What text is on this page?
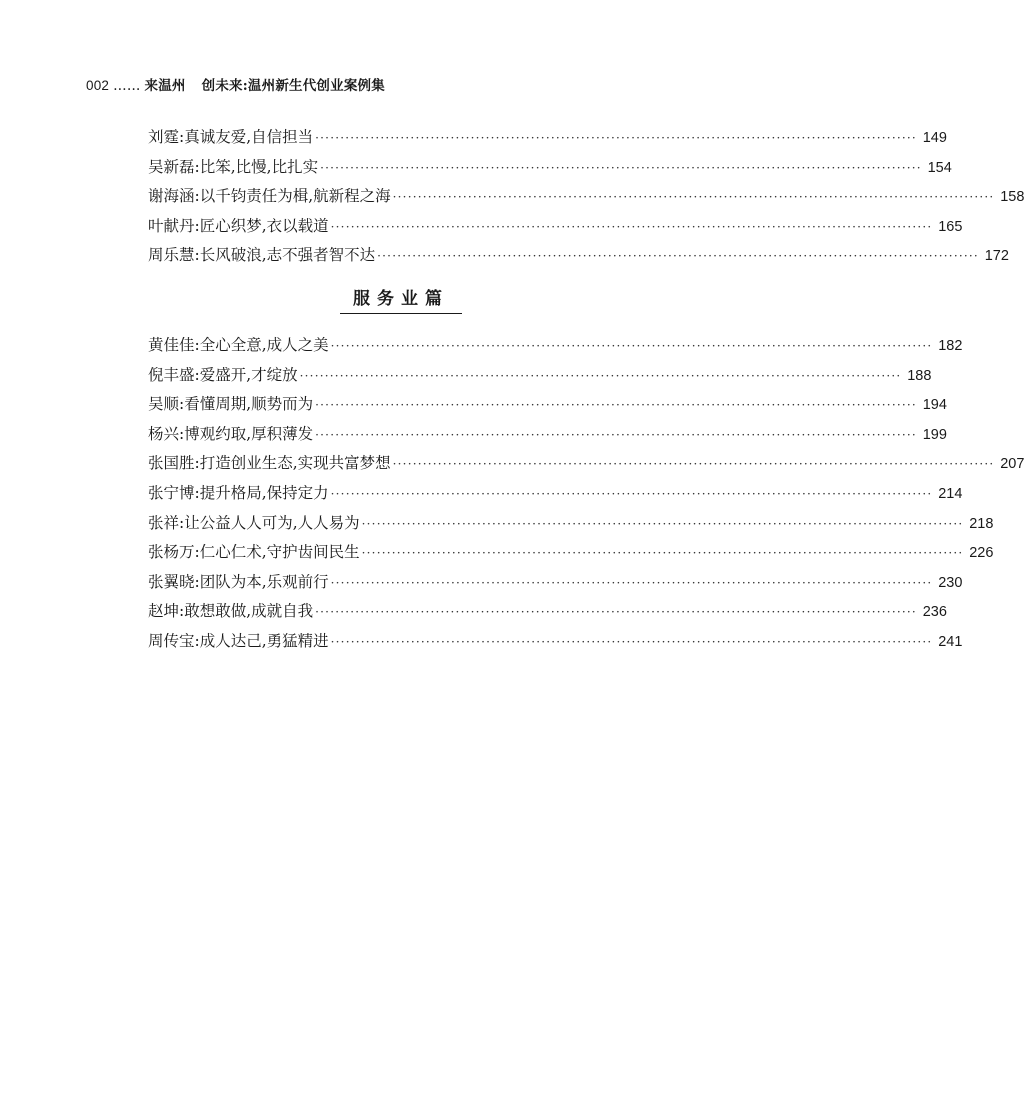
002 …… 来温州 创未来:温州新生代创业案例集
刘霆:真诚友爱,自信担当 ························································································································ 149
吴新磊:比笨,比慢,比扎实 ························································································································ 154
谢海涵:以千钧责任为楫,航新程之海 ························································································································ 158
叶献丹:匠心织梦,衣以载道 ························································································································ 165
周乐慧:长风破浪,志不强者智不达 ························································································································ 172
服务业篇
黄佳佳:全心全意,成人之美 ························································································································ 182
倪丰盛:爱盛开,才绽放 ························································································································ 188
吴顺:看懂周期,顺势而为 ························································································································ 194
杨兴:博观约取,厚积薄发 ························································································································ 199
张国胜:打造创业生态,实现共富梦想 ························································································································ 207
张宁博:提升格局,保持定力 ························································································································ 214
张祥:让公益人人可为,人人易为 ························································································································ 218
张杨万:仁心仁术,守护齿间民生 ························································································································ 226
张翼晓:团队为本,乐观前行 ························································································································ 230
赵坤:敢想敢做,成就自我 ························································································································ 236
周传宝:成人达己,勇猛精进 ························································································································ 241
